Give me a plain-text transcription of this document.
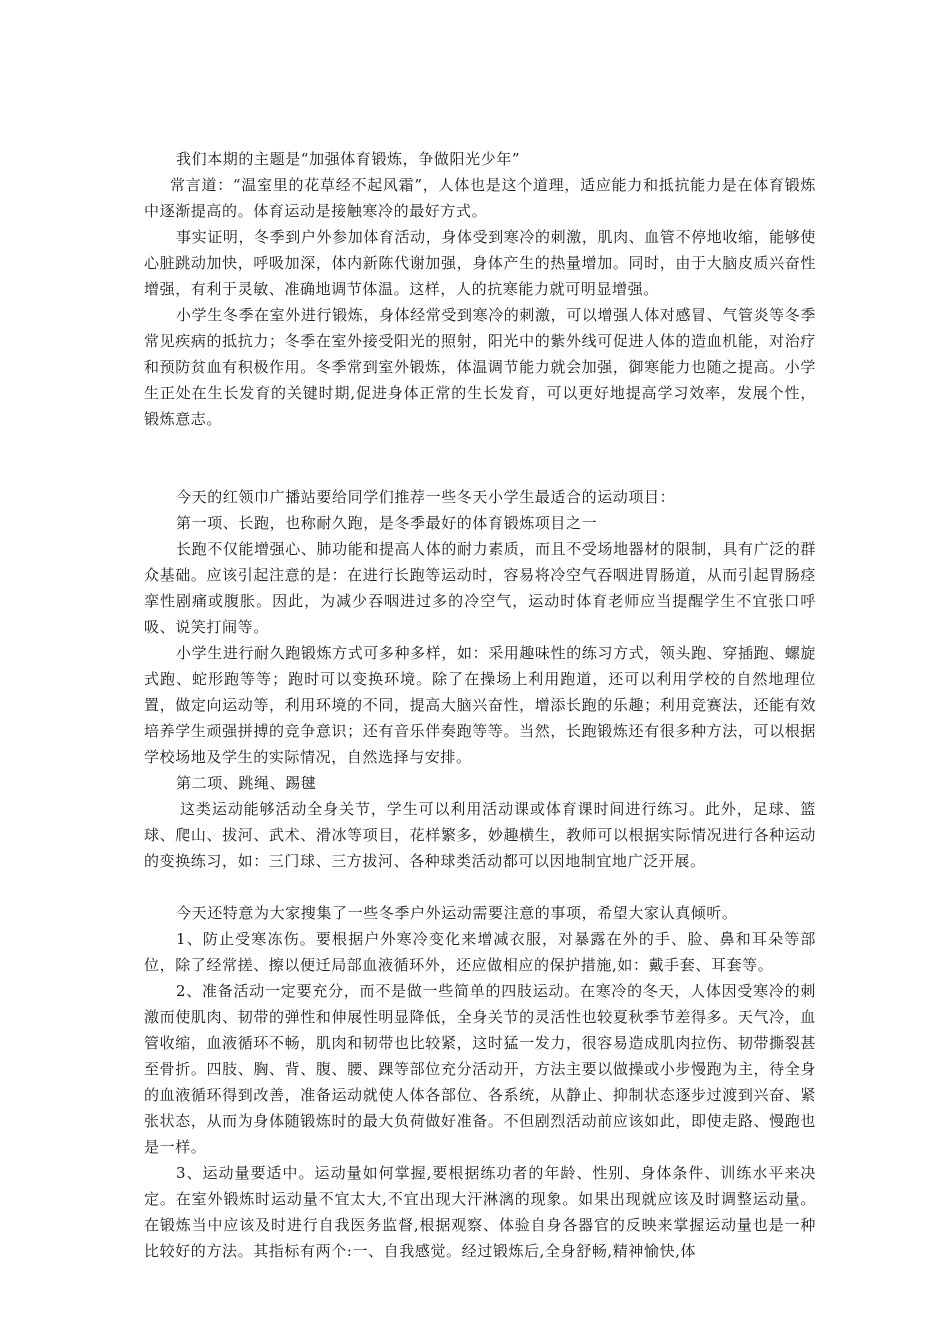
我们本期的主题是“加强体育锻炼，争做阳光少年”

常言道：“温室里的花草经不起风霜”，人体也是这个道理，适应能力和抵抗能力是在体育锻炼中逐渐提高的。体育运动是接触寒冷的最好方式。

事实证明，冬季到户外参加体育活动，身体受到寒冷的刺激，肌肉、血管不停地收缩，能够使心脏跳动加快，呼吸加深，体内新陈代谢加强，身体产生的热量增加。同时，由于大脑皮质兴奋性增强，有利于灵敏、准确地调节体温。这样，人的抗寒能力就可明显增强。

小学生冬季在室外进行锻炼，身体经常受到寒冷的刺激，可以增强人体对感冒、气管炎等冬季常见疾病的抵抗力；冬季在室外接受阳光的照射，阳光中的紫外线可促进人体的造血机能，对治疗和预防贫血有积极作用。冬季常到室外锻炼，体温调节能力就会加强，御寒能力也随之提高。小学生正处在生长发育的关键时期,促进身体正常的生长发育，可以更好地提高学习效率，发展个性，锻炼意志。

今天的红领巾广播站要给同学们推荐一些冬天小学生最适合的运动项目：

第一项、长跑，也称耐久跑，是冬季最好的体育锻炼项目之一

长跑不仅能增强心、肺功能和提高人体的耐力素质，而且不受场地器材的限制，具有广泛的群众基础。应该引起注意的是：在进行长跑等运动时，容易将冷空气吞咽进胃肠道，从而引起胃肠痉挛性剧痛或腹胀。因此，为减少吞咽进过多的冷空气，运动时体育老师应当提醒学生不宜张口呼吸、说笑打闹等。

小学生进行耐久跑锻炼方式可多种多样，如：采用趣味性的练习方式，领头跑、穿插跑、螺旋式跑、蛇形跑等等；跑时可以变换环境。除了在操场上利用跑道，还可以利用学校的自然地理位置，做定向运动等，利用环境的不同，提高大脑兴奋性，增添长跑的乐趣；利用竞赛法，还能有效培养学生顽强拼搏的竞争意识；还有音乐伴奏跑等等。当然，长跑锻炼还有很多种方法，可以根据学校场地及学生的实际情况，自然选择与安排。

第二项、跳绳、踢毽

这类运动能够活动全身关节，学生可以利用活动课或体育课时间进行练习。此外，足球、篮球、爬山、拔河、武术、滑冰等项目，花样繁多，妙趣横生，教师可以根据实际情况进行各种运动的变换练习，如：三门球、三方拔河、各种球类活动都可以因地制宜地广泛开展。

今天还特意为大家搜集了一些冬季户外运动需要注意的事项，希望大家认真倾听。

1、防止受寒冻伤。要根据户外寒冷变化来增减衣服，对暴露在外的手、脸、鼻和耳朵等部位，除了经常搓、擦以便迁局部血液循环外，还应做相应的保护措施,如：戴手套、耳套等。

2、准备活动一定要充分，而不是做一些简单的四肢运动。在寒冷的冬天，人体因受寒冷的刺激而使肌肉、韧带的弹性和伸展性明显降低，全身关节的灵活性也较夏秋季节差得多。天气冷，血管收缩，血液循环不畅，肌肉和韧带也比较紧，这时猛一发力，很容易造成肌肉拉伤、韧带撕裂甚至骨折。四肢、胸、背、腹、腰、踝等部位充分活动开，方法主要以做操或小步慢跑为主，待全身的血液循环得到改善，准备运动就使人体各部位、各系统，从静止、抑制状态逐步过渡到兴奋、紧张状态，从而为身体随锻炼时的最大负荷做好准备。不但剧烈活动前应该如此，即使走路、慢跑也是一样。

3、运动量要适中。运动量如何掌握,要根据练功者的年龄、性别、身体条件、训练水平来决定。在室外锻炼时运动量不宜太大,不宜出现大汗淋漓的现象。如果出现就应该及时调整运动量。在锻炼当中应该及时进行自我医务监督,根据观察、体验自身各器官的反映来掌握运动量也是一种比较好的方法。其指标有两个:一、自我感觉。经过锻炼后,全身舒畅,精神愉快,体
